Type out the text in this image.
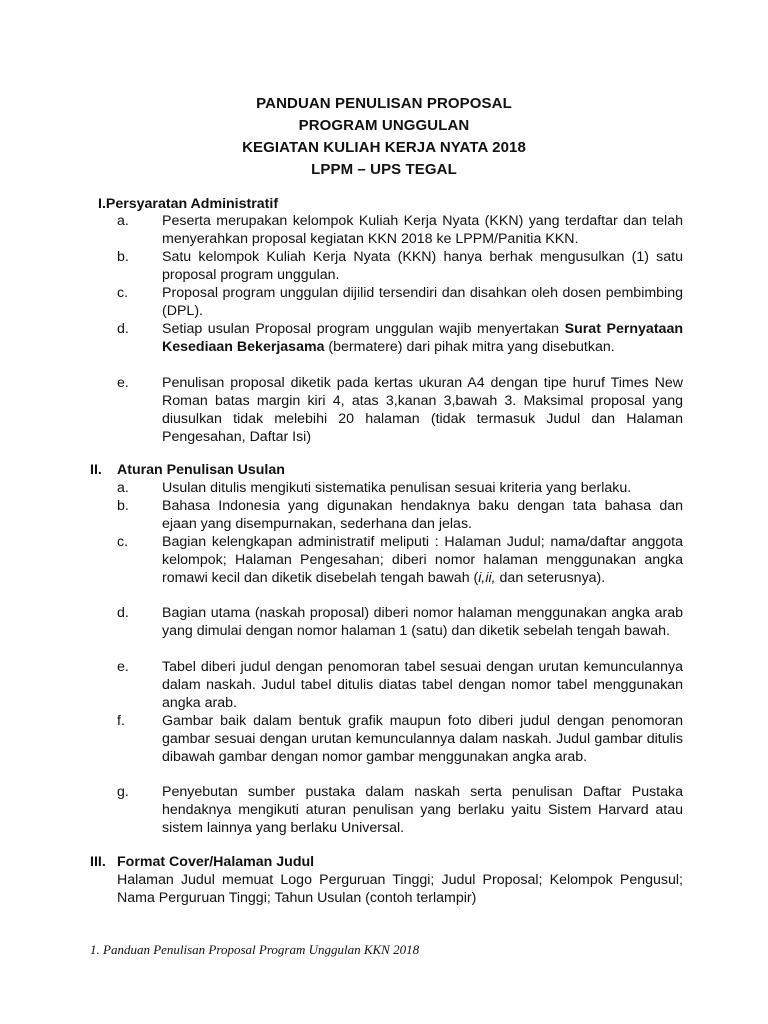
PANDUAN PENULISAN PROPOSAL
PROGRAM UNGGULAN
KEGIATAN KULIAH KERJA NYATA 2018
LPPM – UPS TEGAL
I.Persyaratan Administratif
a.	Peserta merupakan kelompok Kuliah Kerja Nyata (KKN) yang terdaftar dan telah menyerahkan proposal kegiatan KKN 2018 ke LPPM/Panitia KKN.
b.	Satu kelompok Kuliah Kerja Nyata (KKN) hanya berhak mengusulkan (1) satu proposal program unggulan.
c.	Proposal program unggulan dijilid tersendiri dan disahkan oleh dosen pembimbing (DPL).
d.	Setiap usulan Proposal program unggulan wajib menyertakan Surat Pernyataan Kesediaan Bekerjasama (bermatere) dari pihak mitra yang disebutkan.
e.	Penulisan proposal diketik pada kertas ukuran A4 dengan tipe huruf Times New Roman batas margin kiri 4, atas 3,kanan 3,bawah 3. Maksimal proposal yang diusulkan tidak melebihi 20 halaman (tidak termasuk Judul dan Halaman Pengesahan, Daftar Isi)
II. Aturan Penulisan Usulan
a.	Usulan ditulis mengikuti sistematika penulisan sesuai kriteria yang berlaku.
b.	Bahasa Indonesia yang digunakan hendaknya baku dengan tata bahasa dan ejaan yang disempurnakan, sederhana dan jelas.
c.	Bagian kelengkapan administratif meliputi : Halaman Judul; nama/daftar anggota kelompok; Halaman Pengesahan; diberi nomor halaman menggunakan angka romawi kecil dan diketik disebelah tengah bawah (i,ii, dan seterusnya).
d.	Bagian utama (naskah proposal) diberi nomor halaman menggunakan angka arab yang dimulai dengan nomor halaman 1 (satu) dan diketik sebelah tengah bawah.
e.	Tabel diberi judul dengan penomoran tabel sesuai dengan urutan kemunculannya dalam naskah. Judul tabel ditulis diatas tabel dengan nomor tabel menggunakan angka arab.
f.	Gambar baik dalam bentuk grafik maupun foto diberi judul dengan penomoran gambar sesuai dengan urutan kemunculannya dalam naskah. Judul gambar ditulis dibawah gambar dengan nomor gambar menggunakan angka arab.
g.	Penyebutan sumber pustaka dalam naskah serta penulisan Daftar Pustaka hendaknya mengikuti aturan penulisan yang berlaku yaitu Sistem Harvard atau sistem lainnya yang berlaku Universal.
III. Format Cover/Halaman Judul
Halaman Judul memuat Logo Perguruan Tinggi; Judul Proposal; Kelompok Pengusul; Nama Perguruan Tinggi; Tahun Usulan (contoh terlampir)
1. Panduan Penulisan Proposal Program Unggulan KKN 2018
